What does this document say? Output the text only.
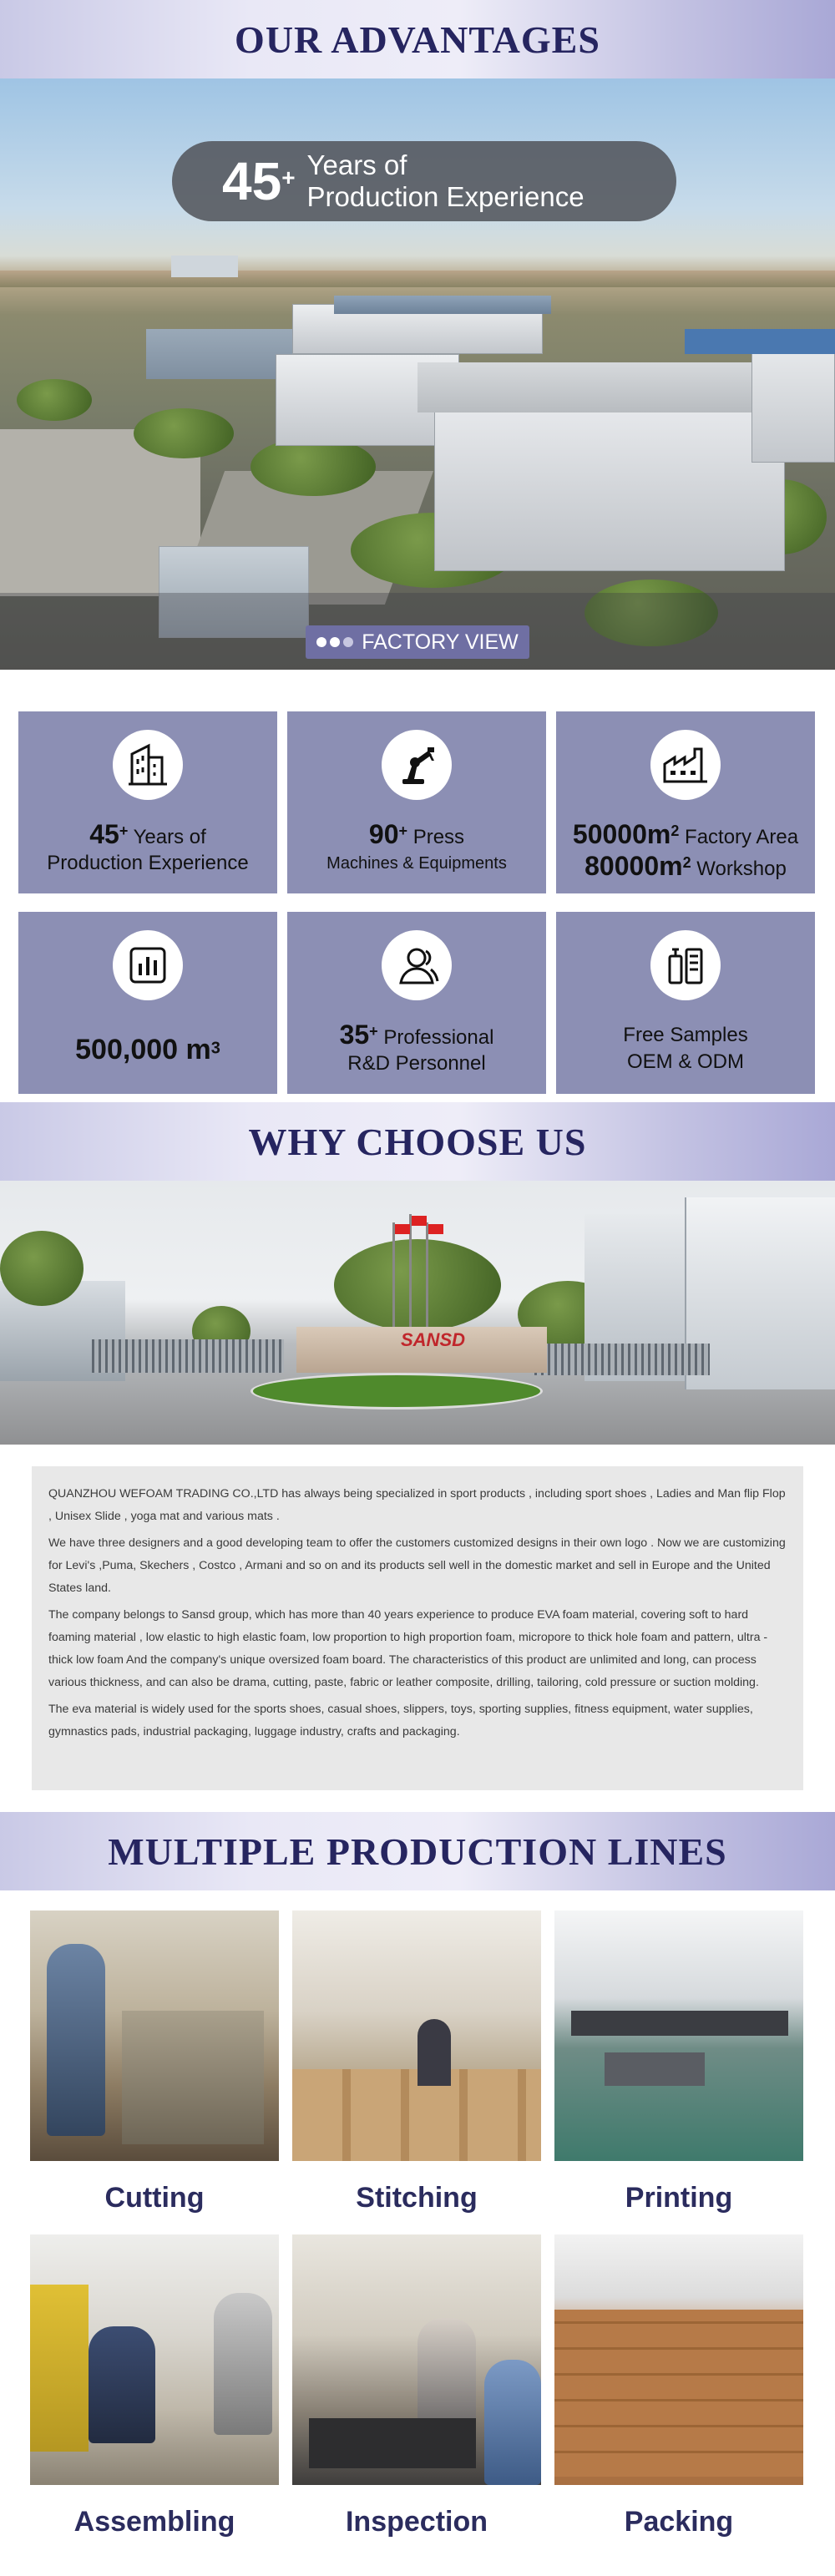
OUR ADVANTAGES
45 + Years of
Production Experience
FACTORY VIEW
45+ Years of
Production Experience
90+ Press
Machines & Equipments
$50000m^2$ Factory Area
$80000m^2$ Workshop
500,000 $m^3$	35+ Professional
R&D Personnel
Free Samples
OEM & ODM
WHY CHOOSE US
SANSD

QUANZHOU WEFOAM TRADING CO.,LTD has always being specialized in sport products , including sport shoes , Ladies and Man flip Flop , Unisex Slide , yoga mat and various mats .

We have three designers and a good developing team to offer the customers customized designs in their own logo . Now we are customizing for Levi's ,Puma, Skechers , Costco , Armani and so on and its products sell well in the domestic market and sell in Europe and the United States land.

The company belongs to Sansd group, which has more than 40 years experience to produce EVA foam material, covering soft to hard foaming material , low elastic to high elastic foam, low proportion to high proportion foam, micropore to thick hole foam and pattern, ultra -thick low foam And the company's unique oversized foam board. The characteristics of this product are unlimited and long, can process various thickness, and can also be drama, cutting, paste, fabric or leather composite, drilling, tailoring, cold pressure or suction molding.

The eva material is widely used for the sports shoes, casual shoes, slippers, toys, sporting supplies, fitness equipment, water supplies, gymnastics pads, industrial packaging, luggage industry, crafts and packaging.

MULTIPLE PRODUCTION LINES
Cutting	Stitching	Printing
Assembling	Inspection	Packing
